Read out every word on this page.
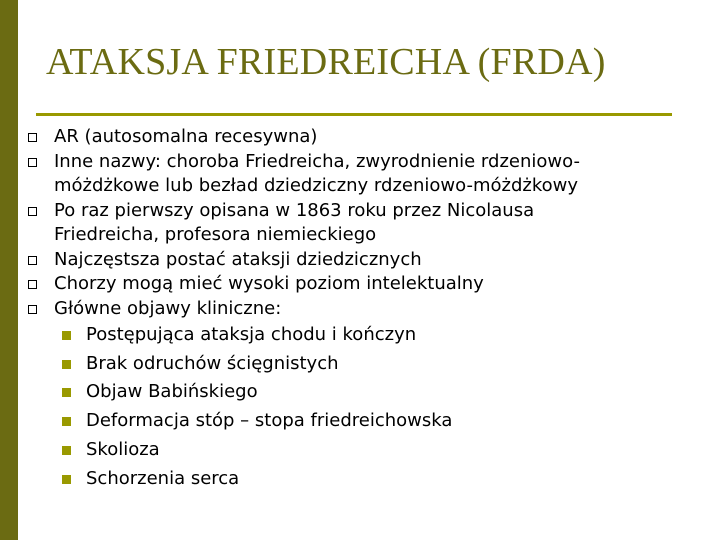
ATAKSJA FRIEDREICHA (FRDA)
AR (autosomalna recesywna)
Inne nazwy: choroba Friedreicha, zwyrodnienie rdzeniowo-
móżdżkowe lub bezład dziedziczny rdzeniowo-móżdżkowy
Po raz pierwszy opisana w 1863 roku przez Nicolausa
Friedreicha, profesora niemieckiego
Najczęstsza postać ataksji dziedzicznych
Chorzy mogą mieć wysoki poziom intelektualny
Główne objawy kliniczne:
Postępująca ataksja chodu i kończyn
Brak odruchów ścięgnistych
Objaw Babińskiego
Deformacja stóp – stopa friedreichowska
Skolioza
Schorzenia serca
